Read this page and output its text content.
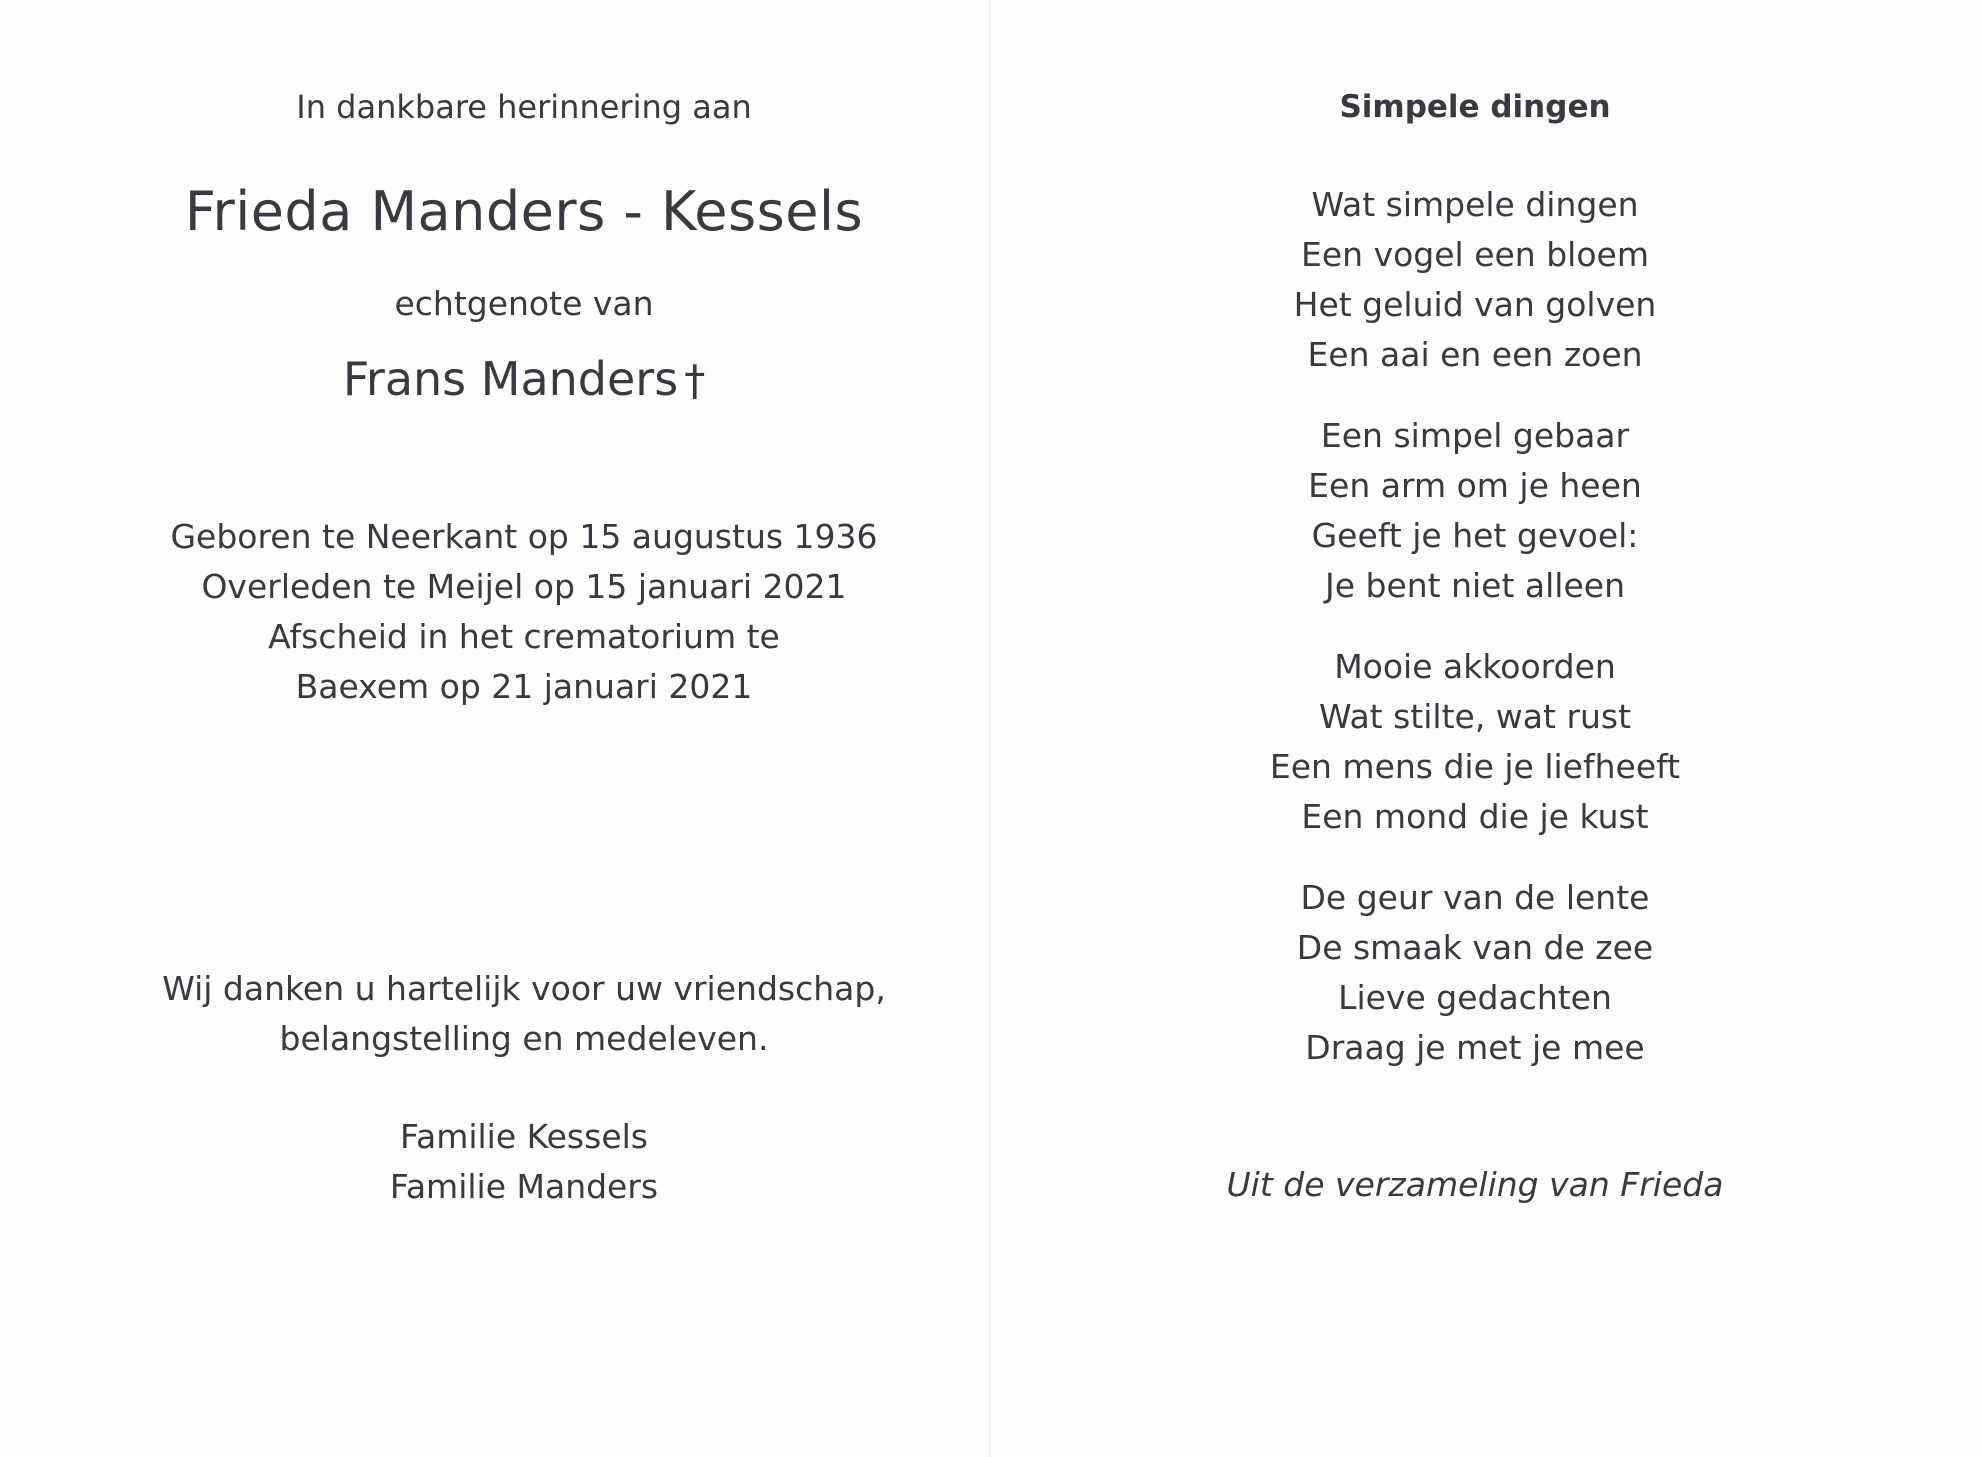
In dankbare herinnering aan
Frieda Manders - Kessels
echtgenote van
Frans Manders †
Geboren te Neerkant op 15 augustus 1936
Overleden te Meijel op 15 januari 2021
Afscheid in het crematorium te
Baexem op 21 januari 2021
Wij danken u hartelijk voor uw vriendschap,
belangstelling en medeleven.
Familie Kessels
Familie Manders
Simpele dingen
Wat simpele dingen
Een vogel een bloem
Het geluid van golven
Een aai en een zoen
Een simpel gebaar
Een arm om je heen
Geeft je het gevoel:
Je bent niet alleen
Mooie akkoorden
Wat stilte, wat rust
Een mens die je liefheeft
Een mond die je kust
De geur van de lente
De smaak van de zee
Lieve gedachten
Draag je met je mee
Uit de verzameling van Frieda
